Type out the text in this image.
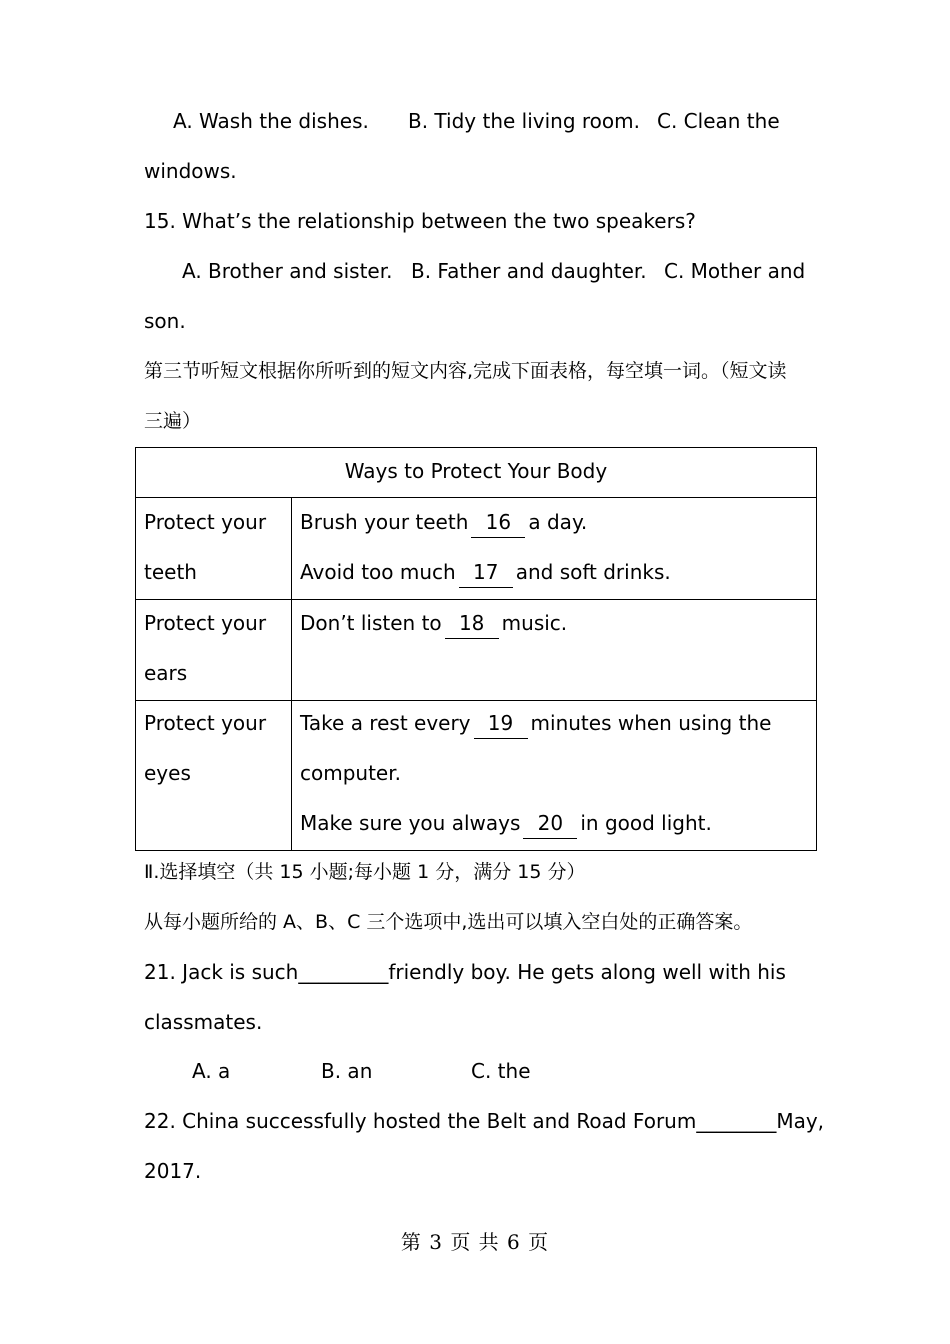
A. Wash the dishes. B. Tidy the living room. C. Clean the
windows.
15. What’s the relationship between the two speakers?
A. Brother and sister. B. Father and daughter. C. Mother and
son.
第三节听短文根据你所听到的短文内容,完成下面表格，每空填一词。（短文读
三遍）
Ways to Protect Your Body
Protect your
teeth
Brush your teeth 16 a day.
Avoid too much 17 and soft drinks.
Protect your
ears
Don’t listen to 18 music.
Protect your
eyes
Take a rest every 19 minutes when using the
computer.
Make sure you always 20 in good light.
Ⅱ.选择填空（共 15 小题;每小题 1 分，满分 15 分）
从每小题所给的 A、B、C 三个选项中,选出可以填入空白处的正确答案。
21. Jack is such_________friendly boy. He gets along well with his
classmates.
A. a	B. an	C. the
22. China successfully hosted the Belt and Road Forum________May,
2017.
第 3 页 共 6 页
